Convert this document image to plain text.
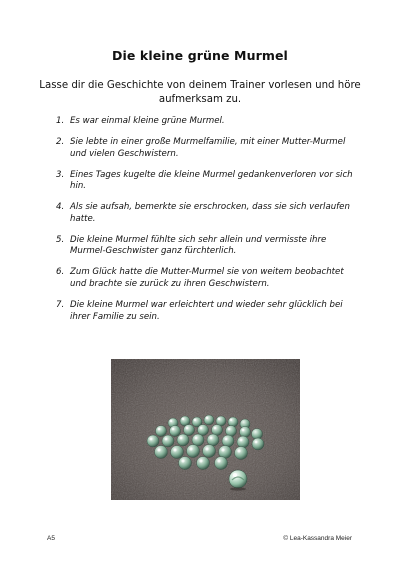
Die kleine grüne Murmel
Lasse dir die Geschichte von deinem Trainer vorlesen und höre aufmerksam zu.
1. Es war einmal kleine grüne Murmel.
2. Sie lebte in einer große Murmelfamilie, mit einer Mutter-Murmel und vielen Geschwistern.
3. Eines Tages kugelte die kleine Murmel gedankenverloren vor sich hin.
4. Als sie aufsah, bemerkte sie erschrocken, dass sie sich verlaufen hatte.
5. Die kleine Murmel fühlte sich sehr allein und vermisste ihre Murmel-Geschwister ganz fürchterlich.
6. Zum Glück hatte die Mutter-Murmel sie von weitem beobachtet und brachte sie zurück zu ihren Geschwistern.
7. Die kleine Murmel war erleichtert und wieder sehr glücklich bei ihrer Familie zu sein.
A5	© Lea-Kassandra Meier
